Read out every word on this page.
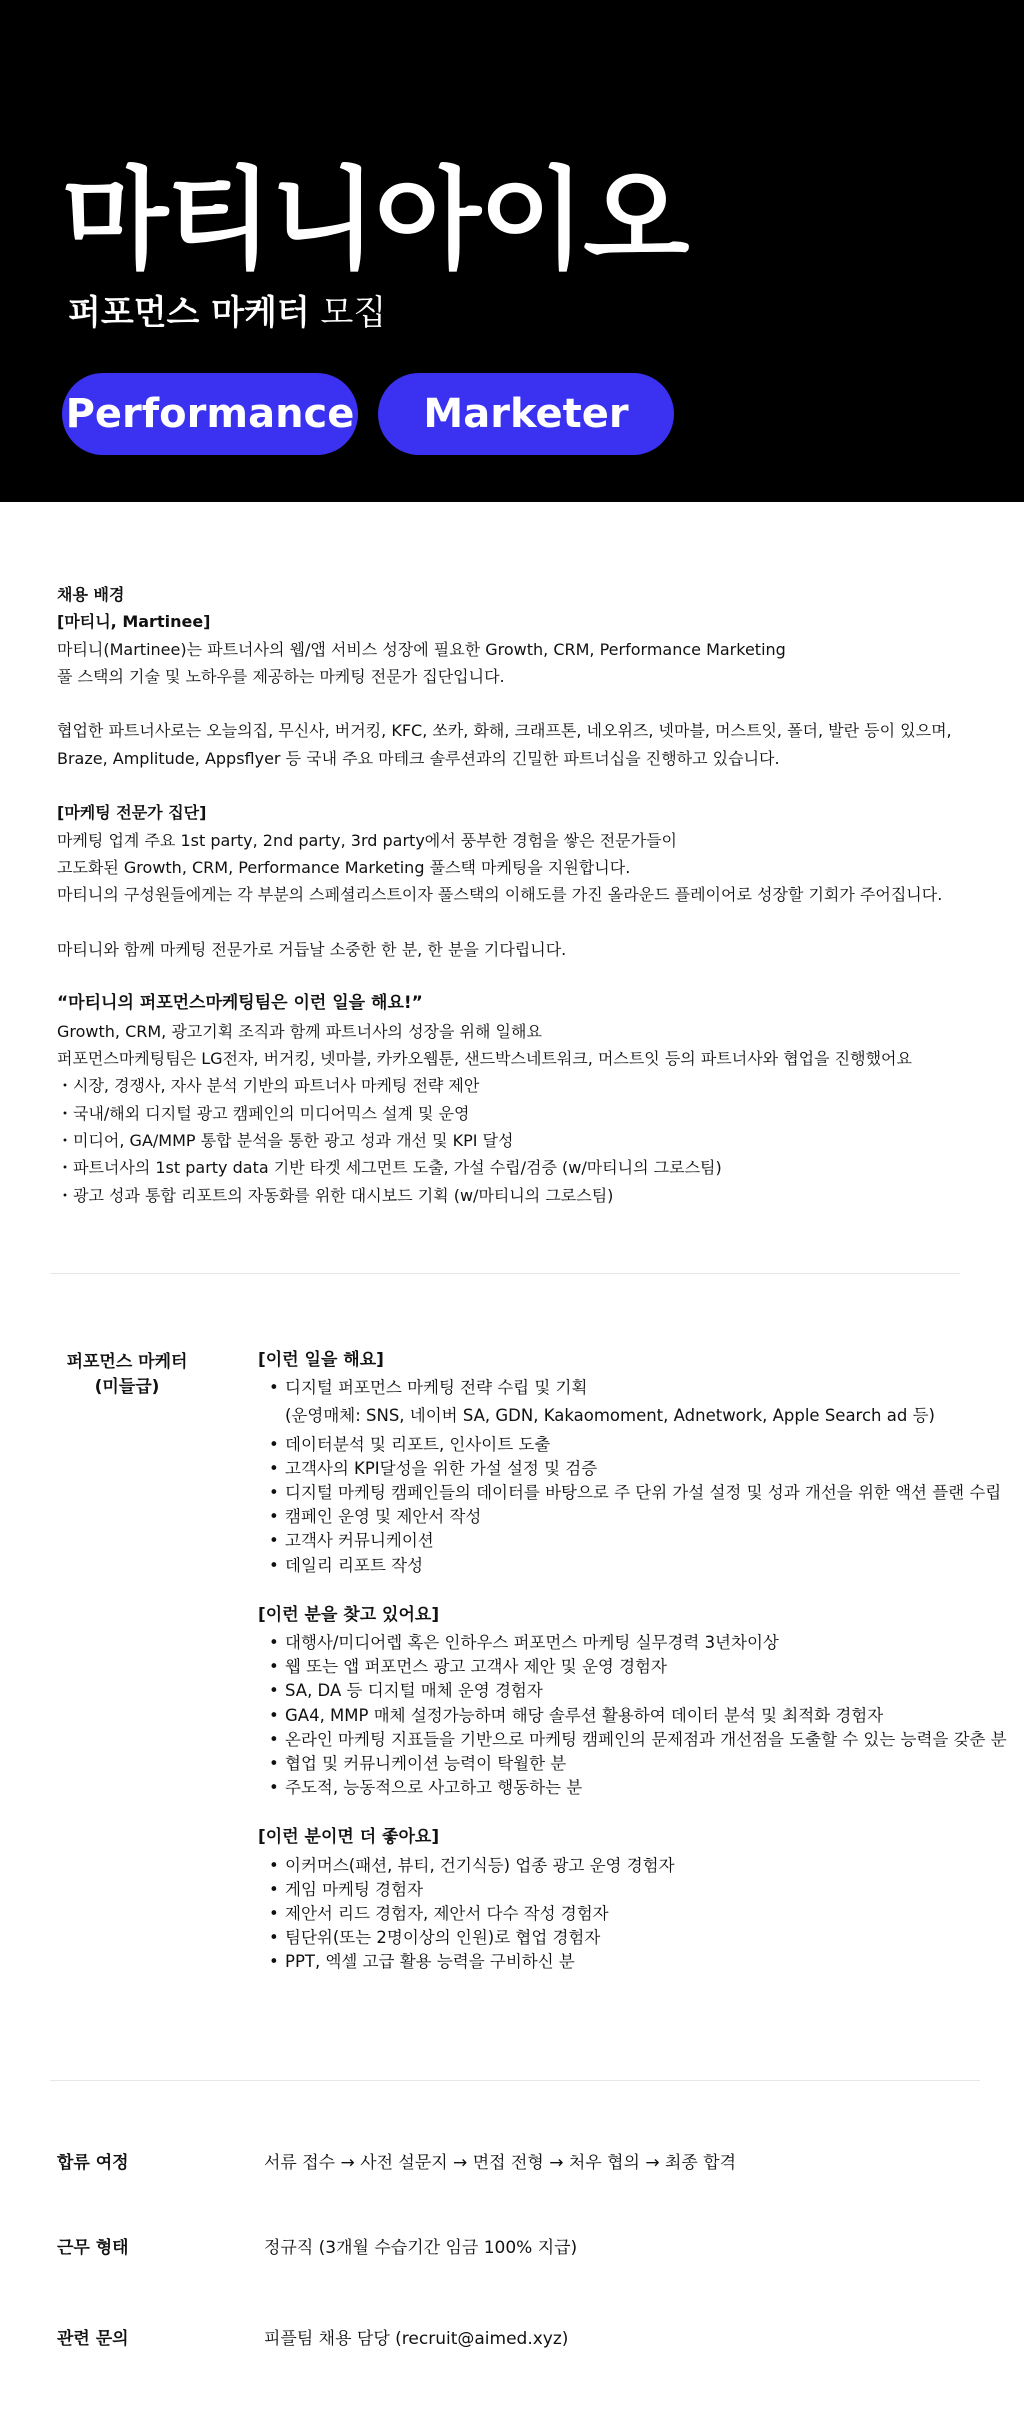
마티니아이오
퍼포먼스 마케터 모집
Performance	Marketer

채용 배경

[마티니, Martinee]

마티니(Martinee)는 파트너사의 웹/앱 서비스 성장에 필요한 Growth, CRM, Performance Marketing

풀 스택의 기술 및 노하우를 제공하는 마케팅 전문가 집단입니다.

협업한 파트너사로는 오늘의집, 무신사, 버거킹, KFC, 쏘카, 화해, 크래프톤, 네오위즈, 넷마블, 머스트잇, 폴더, 발란 등이 있으며,

Braze, Amplitude, Appsflyer 등 국내 주요 마테크 솔루션과의 긴밀한 파트너십을 진행하고 있습니다.

[마케팅 전문가 집단]

마케팅 업계 주요 1st party, 2nd party, 3rd party에서 풍부한 경험을 쌓은 전문가들이

고도화된 Growth, CRM, Performance Marketing 풀스택 마케팅을 지원합니다.

마티니의 구성원들에게는 각 부분의 스페셜리스트이자 풀스택의 이해도를 가진 올라운드 플레이어로 성장할 기회가 주어집니다.

마티니와 함께 마케팅 전문가로 거듭날 소중한 한 분, 한 분을 기다립니다.

“마티니의 퍼포먼스마케팅팀은 이런 일을 해요!”

Growth, CRM, 광고기획 조직과 함께 파트너사의 성장을 위해 일해요

퍼포먼스마케팅팀은 LG전자, 버거킹, 넷마블, 카카오웹툰, 샌드박스네트워크, 머스트잇 등의 파트너사와 협업을 진행했어요

・시장, 경쟁사, 자사 분석 기반의 파트너사 마케팅 전략 제안

・국내/해외 디지털 광고 캠페인의 미디어믹스 설계 및 운영

・미디어, GA/MMP 통합 분석을 통한 광고 성과 개선 및 KPI 달성

・파트너사의 1st party data 기반 타겟 세그먼트 도출, 가설 수립/검증 (w/마티니의 그로스팀)

・광고 성과 통합 리포트의 자동화를 위한 대시보드 기획 (w/마티니의 그로스팀)

퍼포먼스 마케터
(미들급)
[이런 일을 해요]
• 디지털 퍼포먼스 마케팅 전략 수립 및 기획
(운영매체: SNS, 네이버 SA, GDN, Kakaomoment, Adnetwork, Apple Search ad 등)
• 데이터분석 및 리포트, 인사이트 도출
• 고객사의 KPI달성을 위한 가설 설정 및 검증
• 디지털 마케팅 캠페인들의 데이터를 바탕으로 주 단위 가설 설정 및 성과 개선을 위한 액션 플랜 수립
• 캠페인 운영 및 제안서 작성
• 고객사 커뮤니케이션
• 데일리 리포트 작성
[이런 분을 찾고 있어요]
• 대행사/미디어렙 혹은 인하우스 퍼포먼스 마케팅 실무경력 3년차이상
• 웹 또는 앱 퍼포먼스 광고 고객사 제안 및 운영 경험자
• SA, DA 등 디지털 매체 운영 경험자
• GA4, MMP 매체 설정가능하며 해당 솔루션 활용하여 데이터 분석 및 최적화 경험자
• 온라인 마케팅 지표들을 기반으로 마케팅 캠페인의 문제점과 개선점을 도출할 수 있는 능력을 갖춘 분
• 협업 및 커뮤니케이션 능력이 탁월한 분
• 주도적, 능동적으로 사고하고 행동하는 분
[이런 분이면 더 좋아요]
• 이커머스(패션, 뷰티, 건기식등) 업종 광고 운영 경험자
• 게임 마케팅 경험자
• 제안서 리드 경험자, 제안서 다수 작성 경험자
• 팀단위(또는 2명이상의 인원)로 협업 경험자
• PPT, 엑셀 고급 활용 능력을 구비하신 분
합류 여정	서류 접수 → 사전 설문지 → 면접 전형 → 처우 협의 → 최종 합격
근무 형태	정규직 (3개월 수습기간 임금 100% 지급)
관련 문의	피플팀 채용 담당 (recruit@aimed.xyz)
